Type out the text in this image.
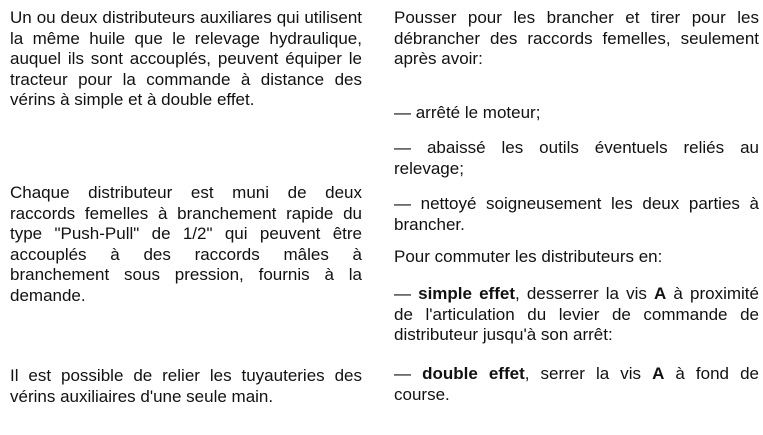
Un ou deux distributeurs auxiliares qui utilisent la même huile que le relevage hydraulique, auquel ils sont accouplés, peuvent équiper le tracteur pour la commande à distance des vérins à simple et à double effet.

Chaque distributeur est muni de deux raccords femelles à branchement rapide du type "Push-Pull" de 1/2" qui peuvent être accouplés à des raccords mâles à branchement sous pression, fournis à la demande.

Il est possible de relier les tuyauteries des vérins auxiliaires d'une seule main.

Pousser pour les brancher et tirer pour les débrancher des raccords femelles, seulement après avoir:

— arrêté le moteur;

— abaissé les outils éventuels reliés au relevage;

— nettoyé soigneusement les deux parties à brancher.

Pour commuter les distributeurs en:

— simple effet, desserrer la vis A à proximité de l'articulation du levier de commande de distributeur jusqu'à son arrêt:

— double effet, serrer la vis A à fond de course.
